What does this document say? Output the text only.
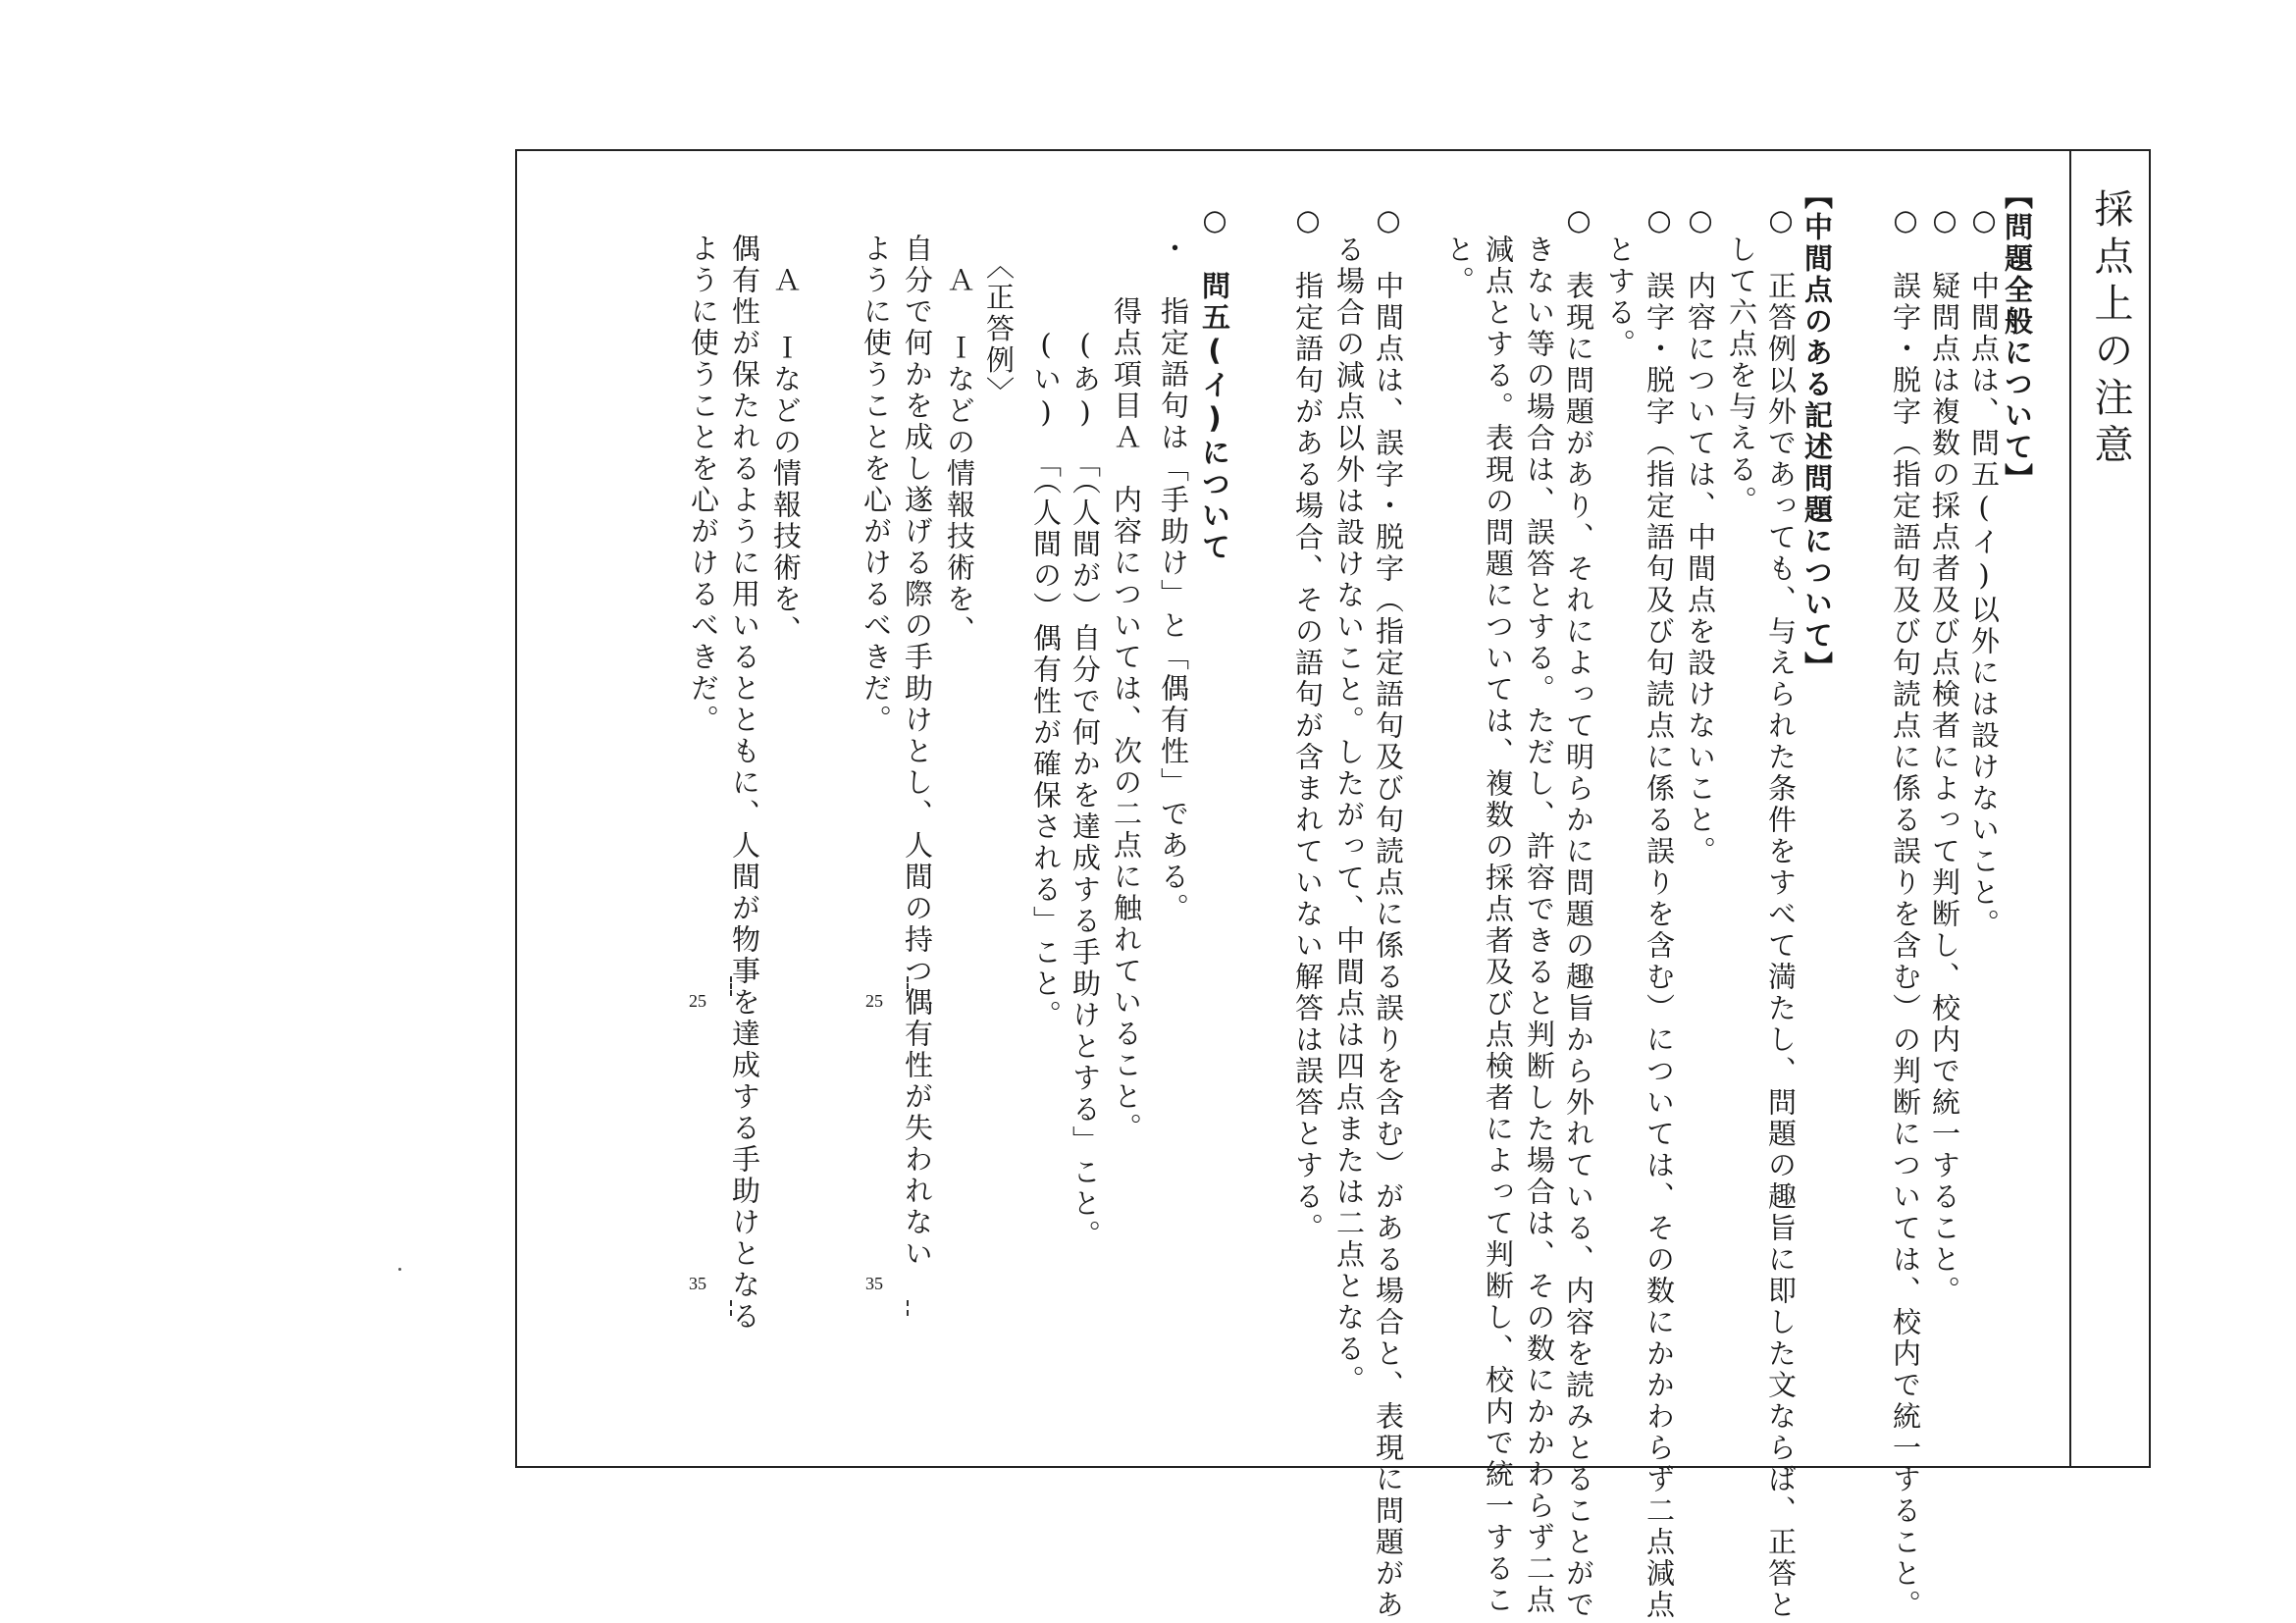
採点上の注意
【問題全般について】
○　中間点は、問五(イ)以外には設けないこと。
○　疑問点は複数の採点者及び点検者によって判断し、校内で統一すること。
○　誤字・脱字（指定語句及び句読点に係る誤りを含む）の判断については、校内で統一すること。
【中間点のある記述問題について】
○　正答例以外であっても、与えられた条件をすべて満たし、問題の趣旨に即した文ならば、正答と
　して六点を与える。
○　内容については、中間点を設けないこと。
○　誤字・脱字（指定語句及び句読点に係る誤りを含む）については、その数にかかわらず二点減点
　とする。
○　表現に問題があり、それによって明らかに問題の趣旨から外れている、内容を読みとることがで
　きない等の場合は、誤答とする。ただし、許容できると判断した場合は、その数にかかわらず二点
　減点とする。表現の問題については、複数の採点者及び点検者によって判断し、校内で統一するこ
　と。
○　中間点は、誤字・脱字（指定語句及び句読点に係る誤りを含む）がある場合と、表現に問題があ
　る場合の減点以外は設けないこと。したがって、中間点は四点または二点となる。
○　指定語句がある場合、その語句が含まれていない解答は誤答とする。
○　問五(イ)について
・　指定語句は「手助け」と「偶有性」である。
　　得点項目Ａ　内容については、次の二点に触れていること。
　　　(あ)　「（人間が）自分で何かを達成する手助けとする」こと。
　　　(い)　「（人間の）偶有性が確保される」こと。
　〈正答例〉
　Ａ Ｉなどの情報技術を、
自分で何かを成し遂げる際の手助けとし、人間の持つ偶有性が失われない
ように使うことを心がけるべきだ。
　Ａ Ｉなどの情報技術を、
偶有性が保たれるように用いるとともに、人間が物事を達成する手助けとなる
ように使うことを心がけるべきだ。
25
35
25
35
